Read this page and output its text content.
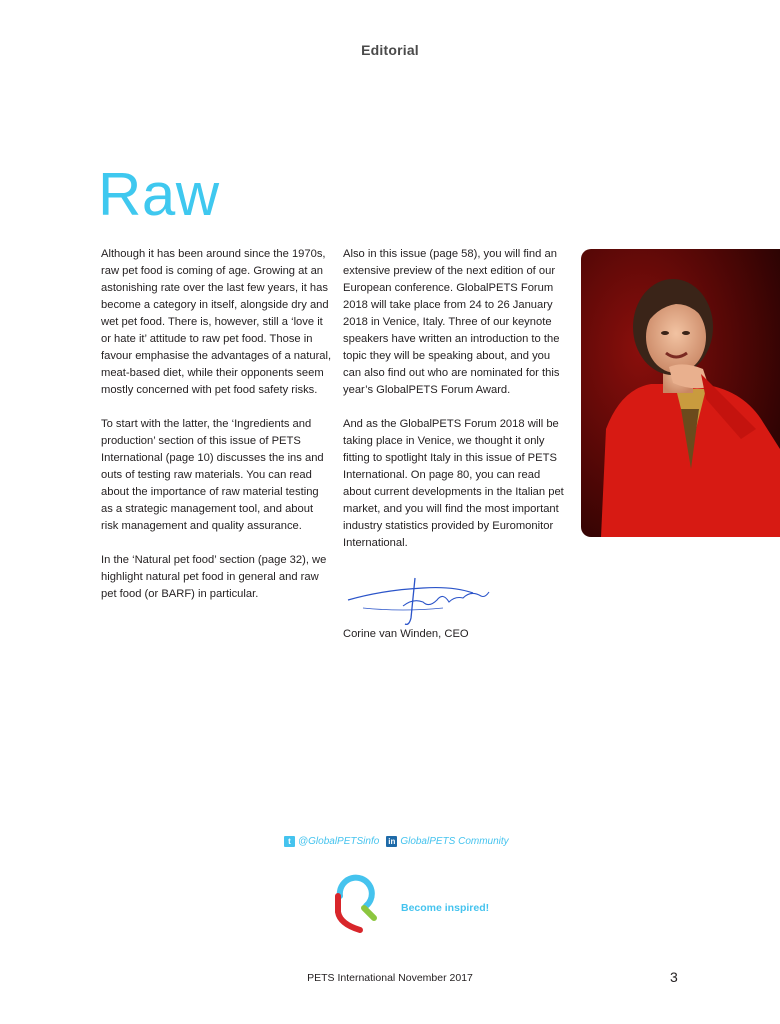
Editorial
Raw

Although it has been around since the 1970s, raw pet food is coming of age. Growing at an astonishing rate over the last few years, it has become a category in itself, alongside dry and wet pet food. There is, however, still a ‘love it or hate it’ attitude to raw pet food. Those in favour emphasise the advantages of a natural, meat-based diet, while their opponents seem mostly concerned with pet food safety risks.

To start with the latter, the ‘Ingredients and production’ section of this issue of PETS International (page 10) discusses the ins and outs of testing raw materials. You can read about the importance of raw material testing as a strategic management tool, and about risk management and quality assurance.

In the ‘Natural pet food’ section (page 32), we highlight natural pet food in general and raw pet food (or BARF) in particular.

Also in this issue (page 58), you will find an extensive preview of the next edition of our European conference. GlobalPETS Forum 2018 will take place from 24 to 26 January 2018 in Venice, Italy. Three of our keynote speakers have written an introduction to the topic they will be speaking about, and you can also find out who are nominated for this year’s GlobalPETS Forum Award.

And as the GlobalPETS Forum 2018 will be taking place in Venice, we thought it only fitting to spotlight Italy in this issue of PETS International. On page 80, you can read about current developments in the Italian pet market, and you will find the most important industry statistics provided by Euromonitor International.

Corine van Winden, CEO
t @GlobalPETSinfo in GlobalPETS Community
Become inspired!
PETS International November 2017	3
